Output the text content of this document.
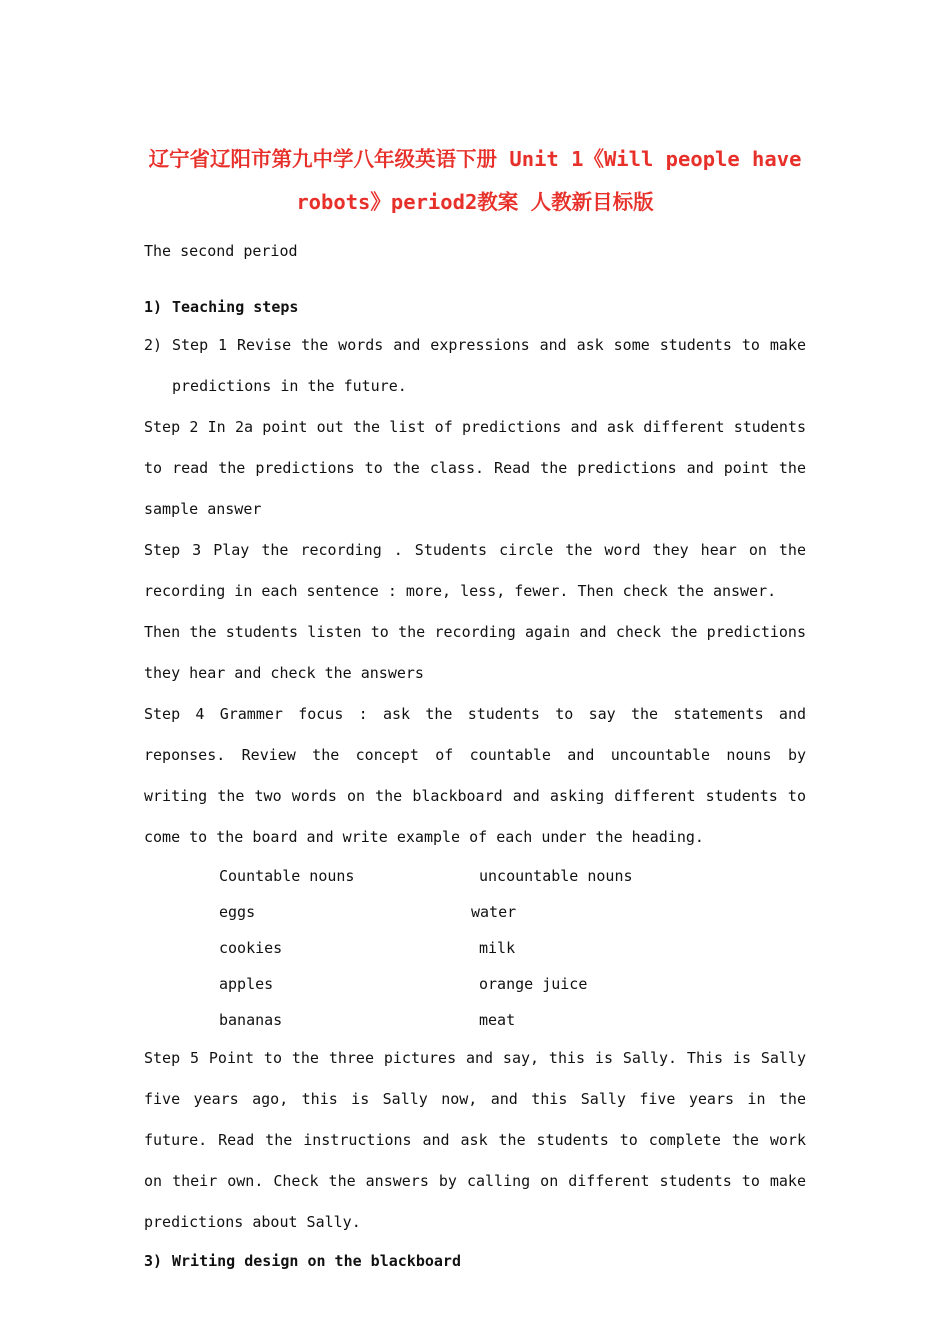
辽宁省辽阳市第九中学八年级英语下册 Unit 1《Will people have
robots》period2教案 人教新目标版

The second period

1) Teaching steps
2) Step 1 Revise the words and expressions and ask some students to make predictions in the future.

Step 2 In 2a point out the list of predictions and ask different students to read the predictions to the class. Read the predictions and point the sample answer

Step 3 Play the recording . Students circle the word they hear on the recording in each sentence : more, less, fewer. Then check the answer.

Then the students listen to the recording again and check the predictions they hear and check the answers

Step 4 Grammer focus : ask the students to say the statements and reponses. Review the concept of countable and uncountable nouns by writing the two words on the blackboard and asking different students to come to the board and write example of each under the heading.

Countable nouns	uncountable nouns
eggs	water
cookies	milk
apples	orange juice
bananas	meat

Step 5 Point to the three pictures and say, this is Sally. This is Sally five years ago, this is Sally now, and this Sally five years in the future. Read the instructions and ask the students to complete the work on their own. Check the answers by calling on different students to make predictions about Sally.

3) Writing design on the blackboard
